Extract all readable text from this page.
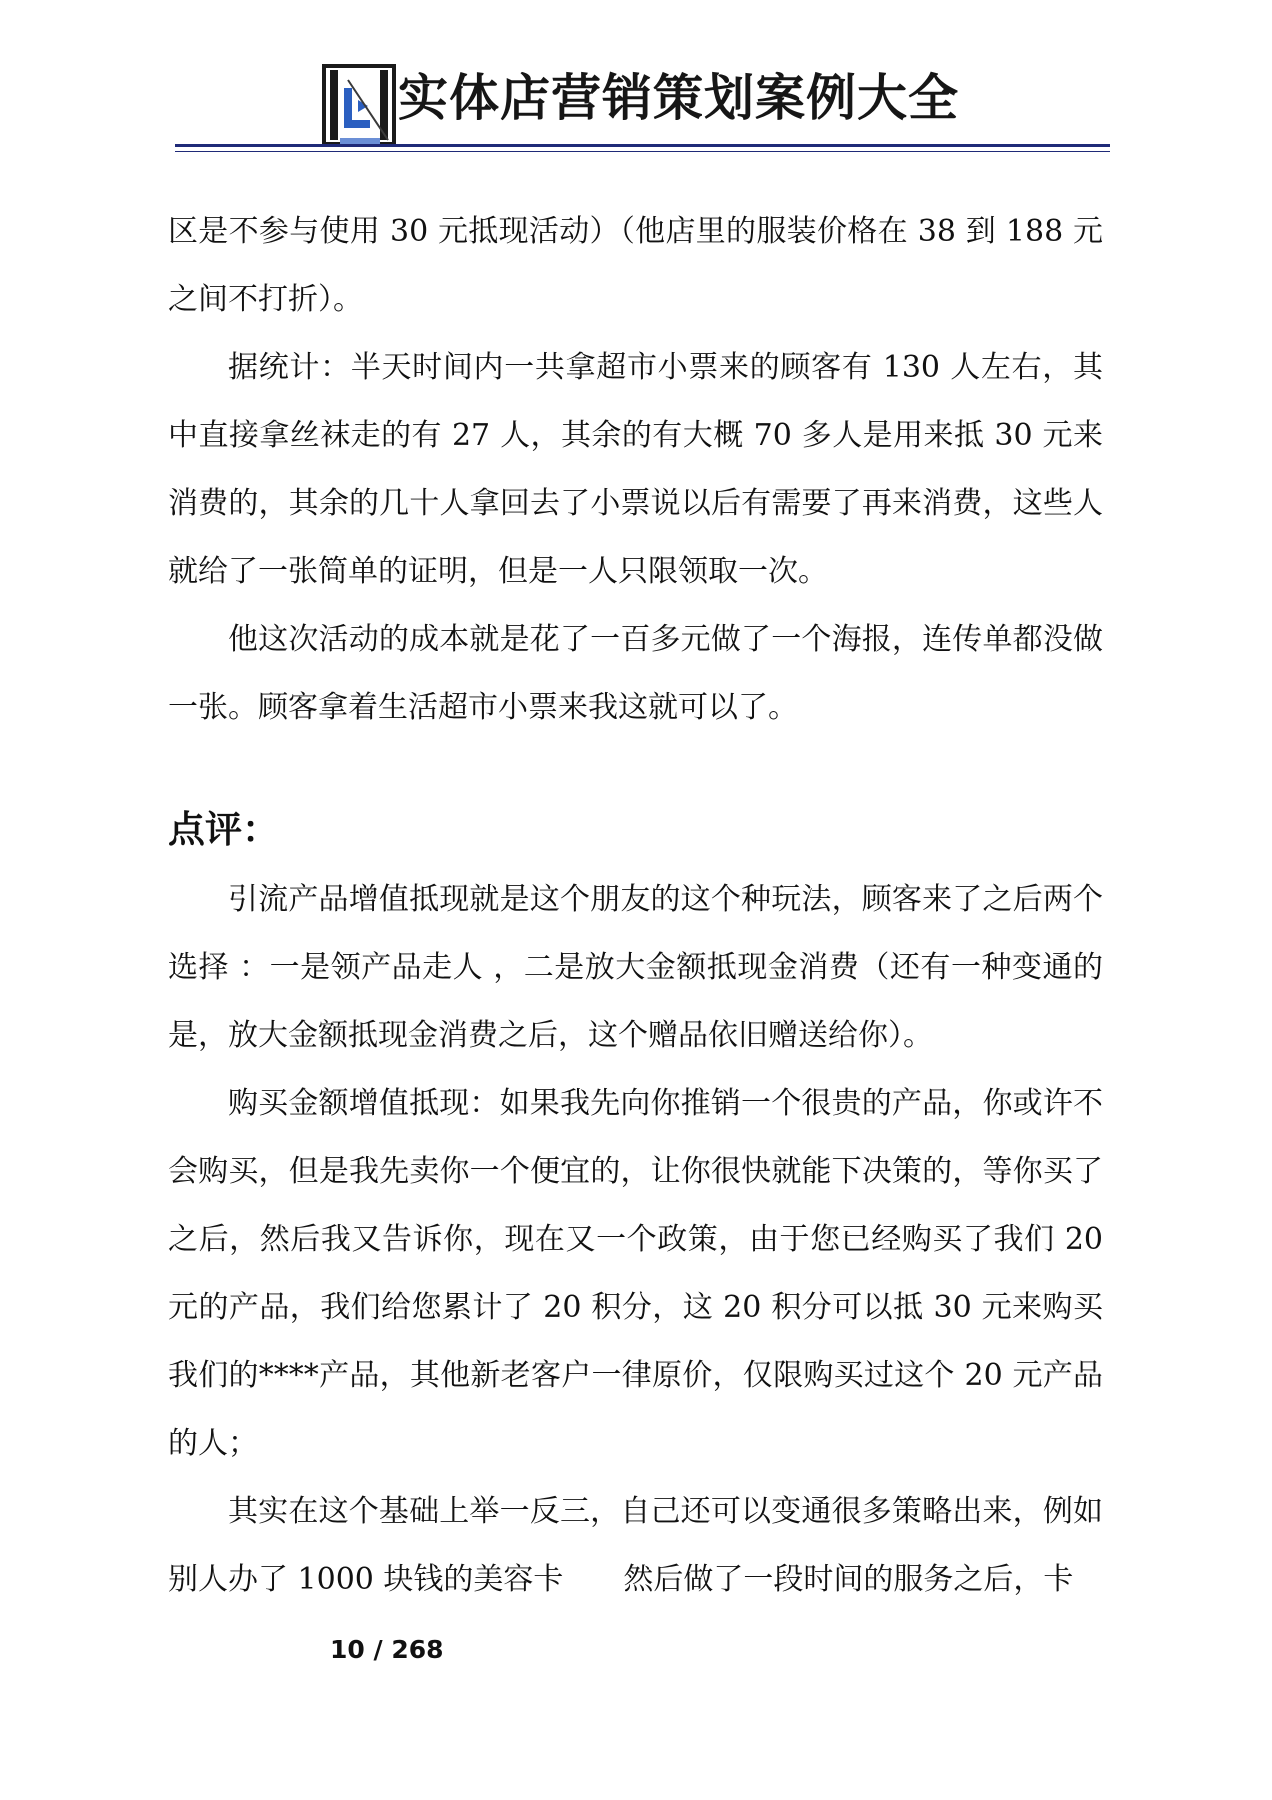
实体店营销策划案例大全

区是不参与使用 30 元抵现活动）（他店里的服装价格在 38 到 188 元之间不打折）。

据统计：半天时间内一共拿超市小票来的顾客有 130 人左右，其中直接拿丝袜走的有 27 人，其余的有大概 70 多人是用来抵 30 元来消费的，其余的几十人拿回去了小票说以后有需要了再来消费，这些人就给了一张简单的证明，但是一人只限领取一次。

他这次活动的成本就是花了一百多元做了一个海报，连传单都没做一张。顾客拿着生活超市小票来我这就可以了。

点评：

引流产品增值抵现就是这个朋友的这个种玩法，顾客来了之后两个选择 ：一是领产品走人 ，二是放大金额抵现金消费（还有一种变通的是，放大金额抵现金消费之后，这个赠品依旧赠送给你）。

购买金额增值抵现：如果我先向你推销一个很贵的产品，你或许不会购买，但是我先卖你一个便宜的，让你很快就能下决策的，等你买了之后，然后我又告诉你，现在又一个政策，由于您已经购买了我们 20 元的产品，我们给您累计了 20 积分，这 20 积分可以抵 30 元来购买我们的****产品，其他新老客户一律原价，仅限购买过这个 20 元产品的人；

其实在这个基础上举一反三，自己还可以变通很多策略出来，例如别人办了 1000 块钱的美容卡　　然后做了一段时间的服务之后，卡

10 / 268
